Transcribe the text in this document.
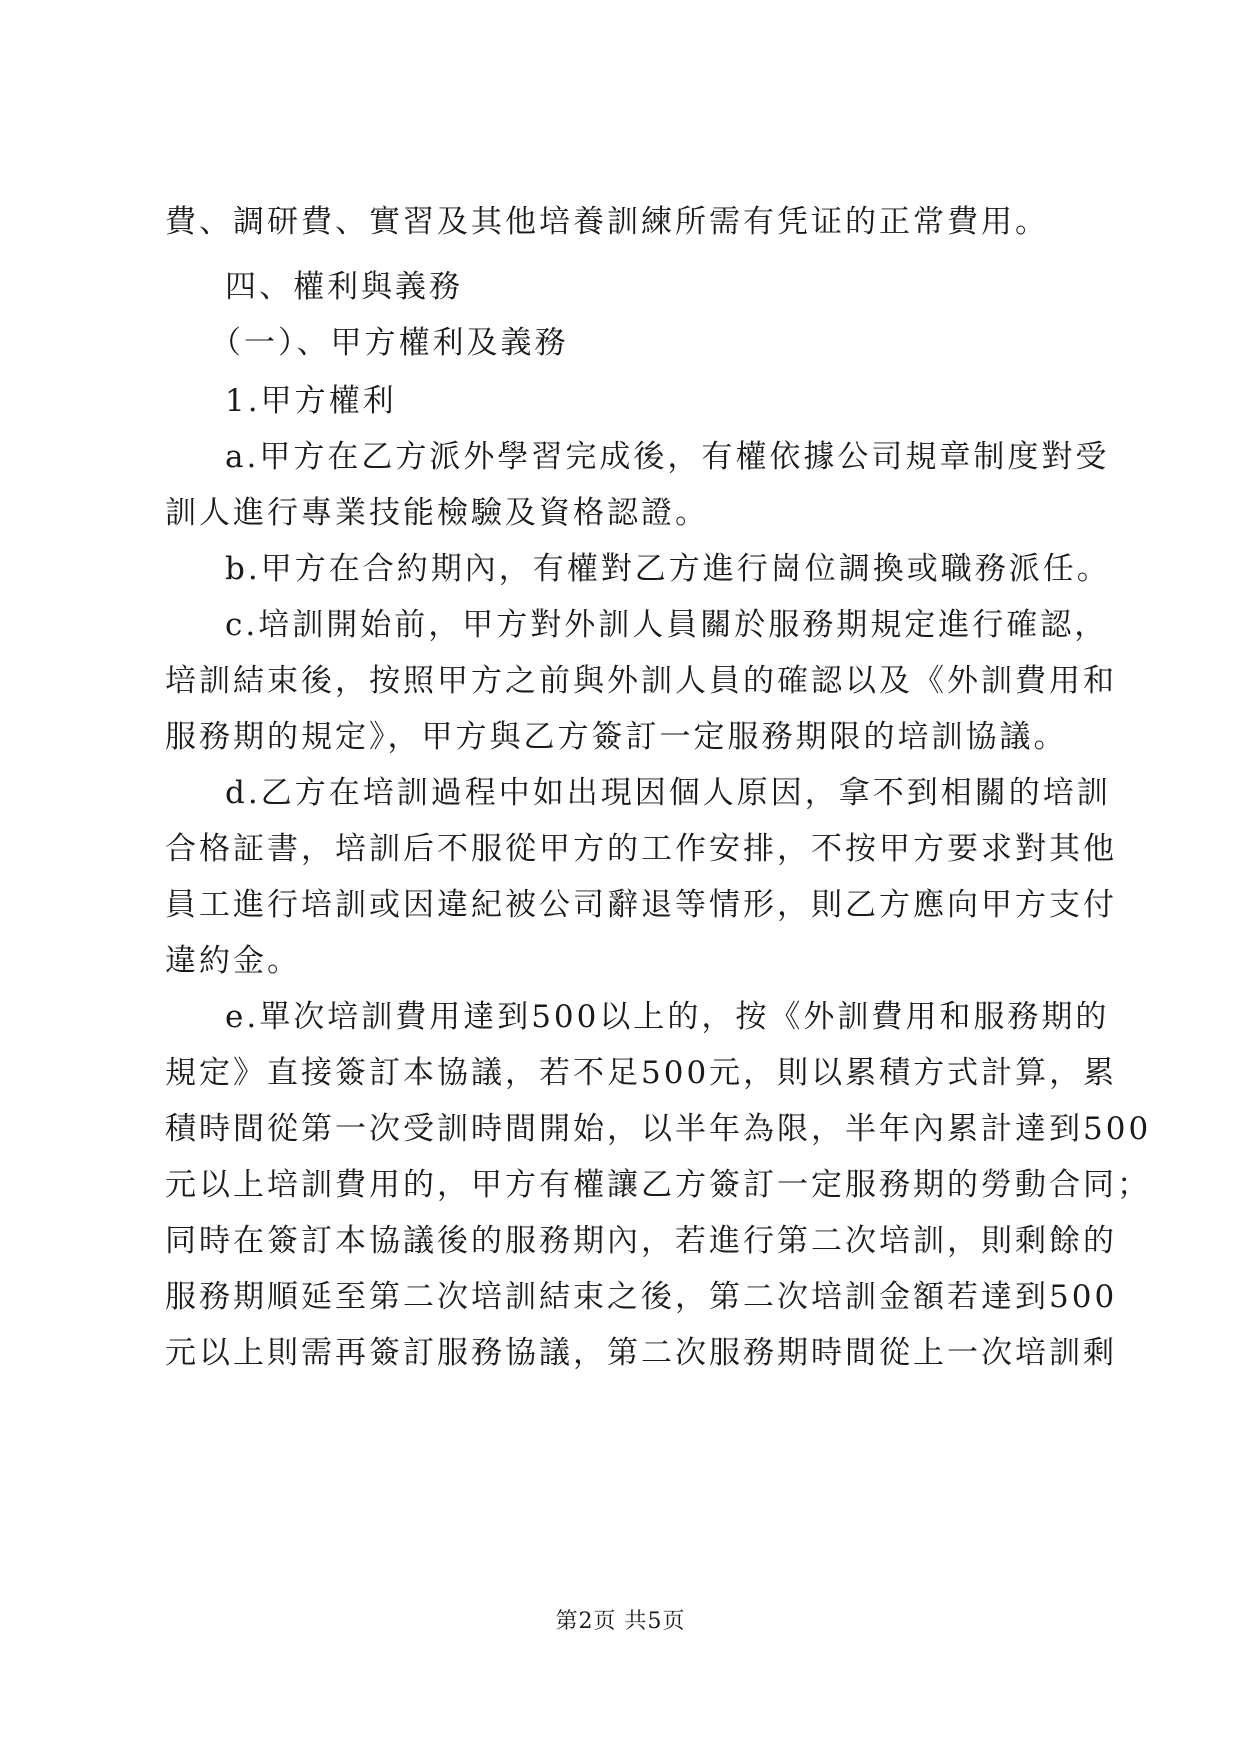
費、調研費、實習及其他培養訓練所需有凭证的正常費用。
四、權利與義務
（一）、甲方權利及義務
1.甲方權利
a.甲方在乙方派外學習完成後，有權依據公司規章制度對受
訓人進行專業技能檢驗及資格認證。
b.甲方在合約期內，有權對乙方進行崗位調換或職務派任。
c.培訓開始前，甲方對外訓人員關於服務期規定進行確認，
培訓結束後，按照甲方之前與外訓人員的確認以及《外訓費用和
服務期的規定》，甲方與乙方簽訂一定服務期限的培訓協議。
d.乙方在培訓過程中如出現因個人原因，拿不到相關的培訓
合格証書，培訓后不服從甲方的工作安排，不按甲方要求對其他
員工進行培訓或因違紀被公司辭退等情形，則乙方應向甲方支付
違約金。
e.單次培訓費用達到500以上的，按《外訓費用和服務期的
規定》直接簽訂本協議，若不足500元，則以累積方式計算，累
積時間從第一次受訓時間開始，以半年為限，半年內累計達到500
元以上培訓費用的，甲方有權讓乙方簽訂一定服務期的勞動合同；
同時在簽訂本協議後的服務期內，若進行第二次培訓，則剩餘的
服務期順延至第二次培訓結束之後，第二次培訓金額若達到500
元以上則需再簽訂服務協議，第二次服務期時間從上一次培訓剩
第2页 共5页
